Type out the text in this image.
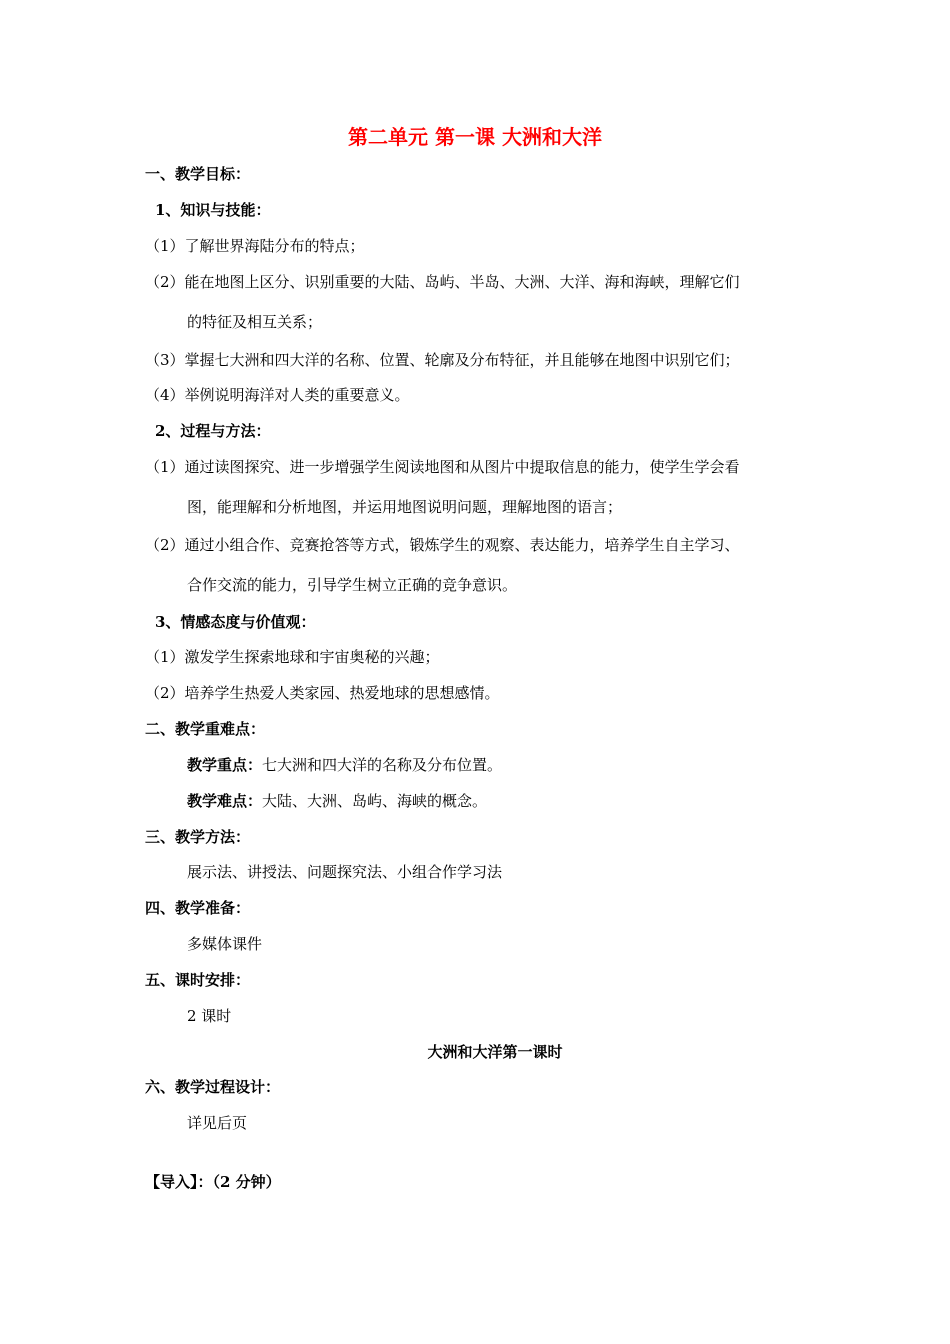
第二单元 第一课 大洲和大洋
一、教学目标：
1、知识与技能：
（1）了解世界海陆分布的特点；
（2）能在地图上区分、识别重要的大陆、岛屿、半岛、大洲、大洋、海和海峡，理解它们
的特征及相互关系；
（3）掌握七大洲和四大洋的名称、位置、轮廓及分布特征，并且能够在地图中识别它们；
（4）举例说明海洋对人类的重要意义。
2、过程与方法：
（1）通过读图探究、进一步增强学生阅读地图和从图片中提取信息的能力，使学生学会看
图，能理解和分析地图，并运用地图说明问题，理解地图的语言；
（2）通过小组合作、竞赛抢答等方式，锻炼学生的观察、表达能力，培养学生自主学习、
合作交流的能力，引导学生树立正确的竞争意识。
3、情感态度与价值观：
（1）激发学生探索地球和宇宙奥秘的兴趣；
（2）培养学生热爱人类家园、热爱地球的思想感情。
二、教学重难点：
教学重点：七大洲和四大洋的名称及分布位置。
教学难点：大陆、大洲、岛屿、海峡的概念。
三、教学方法：
展示法、讲授法、问题探究法、小组合作学习法
四、教学准备：
多媒体课件
五、课时安排：
2 课时
大洲和大洋第一课时
六、教学过程设计：
详见后页
【导入】：（2 分钟）
